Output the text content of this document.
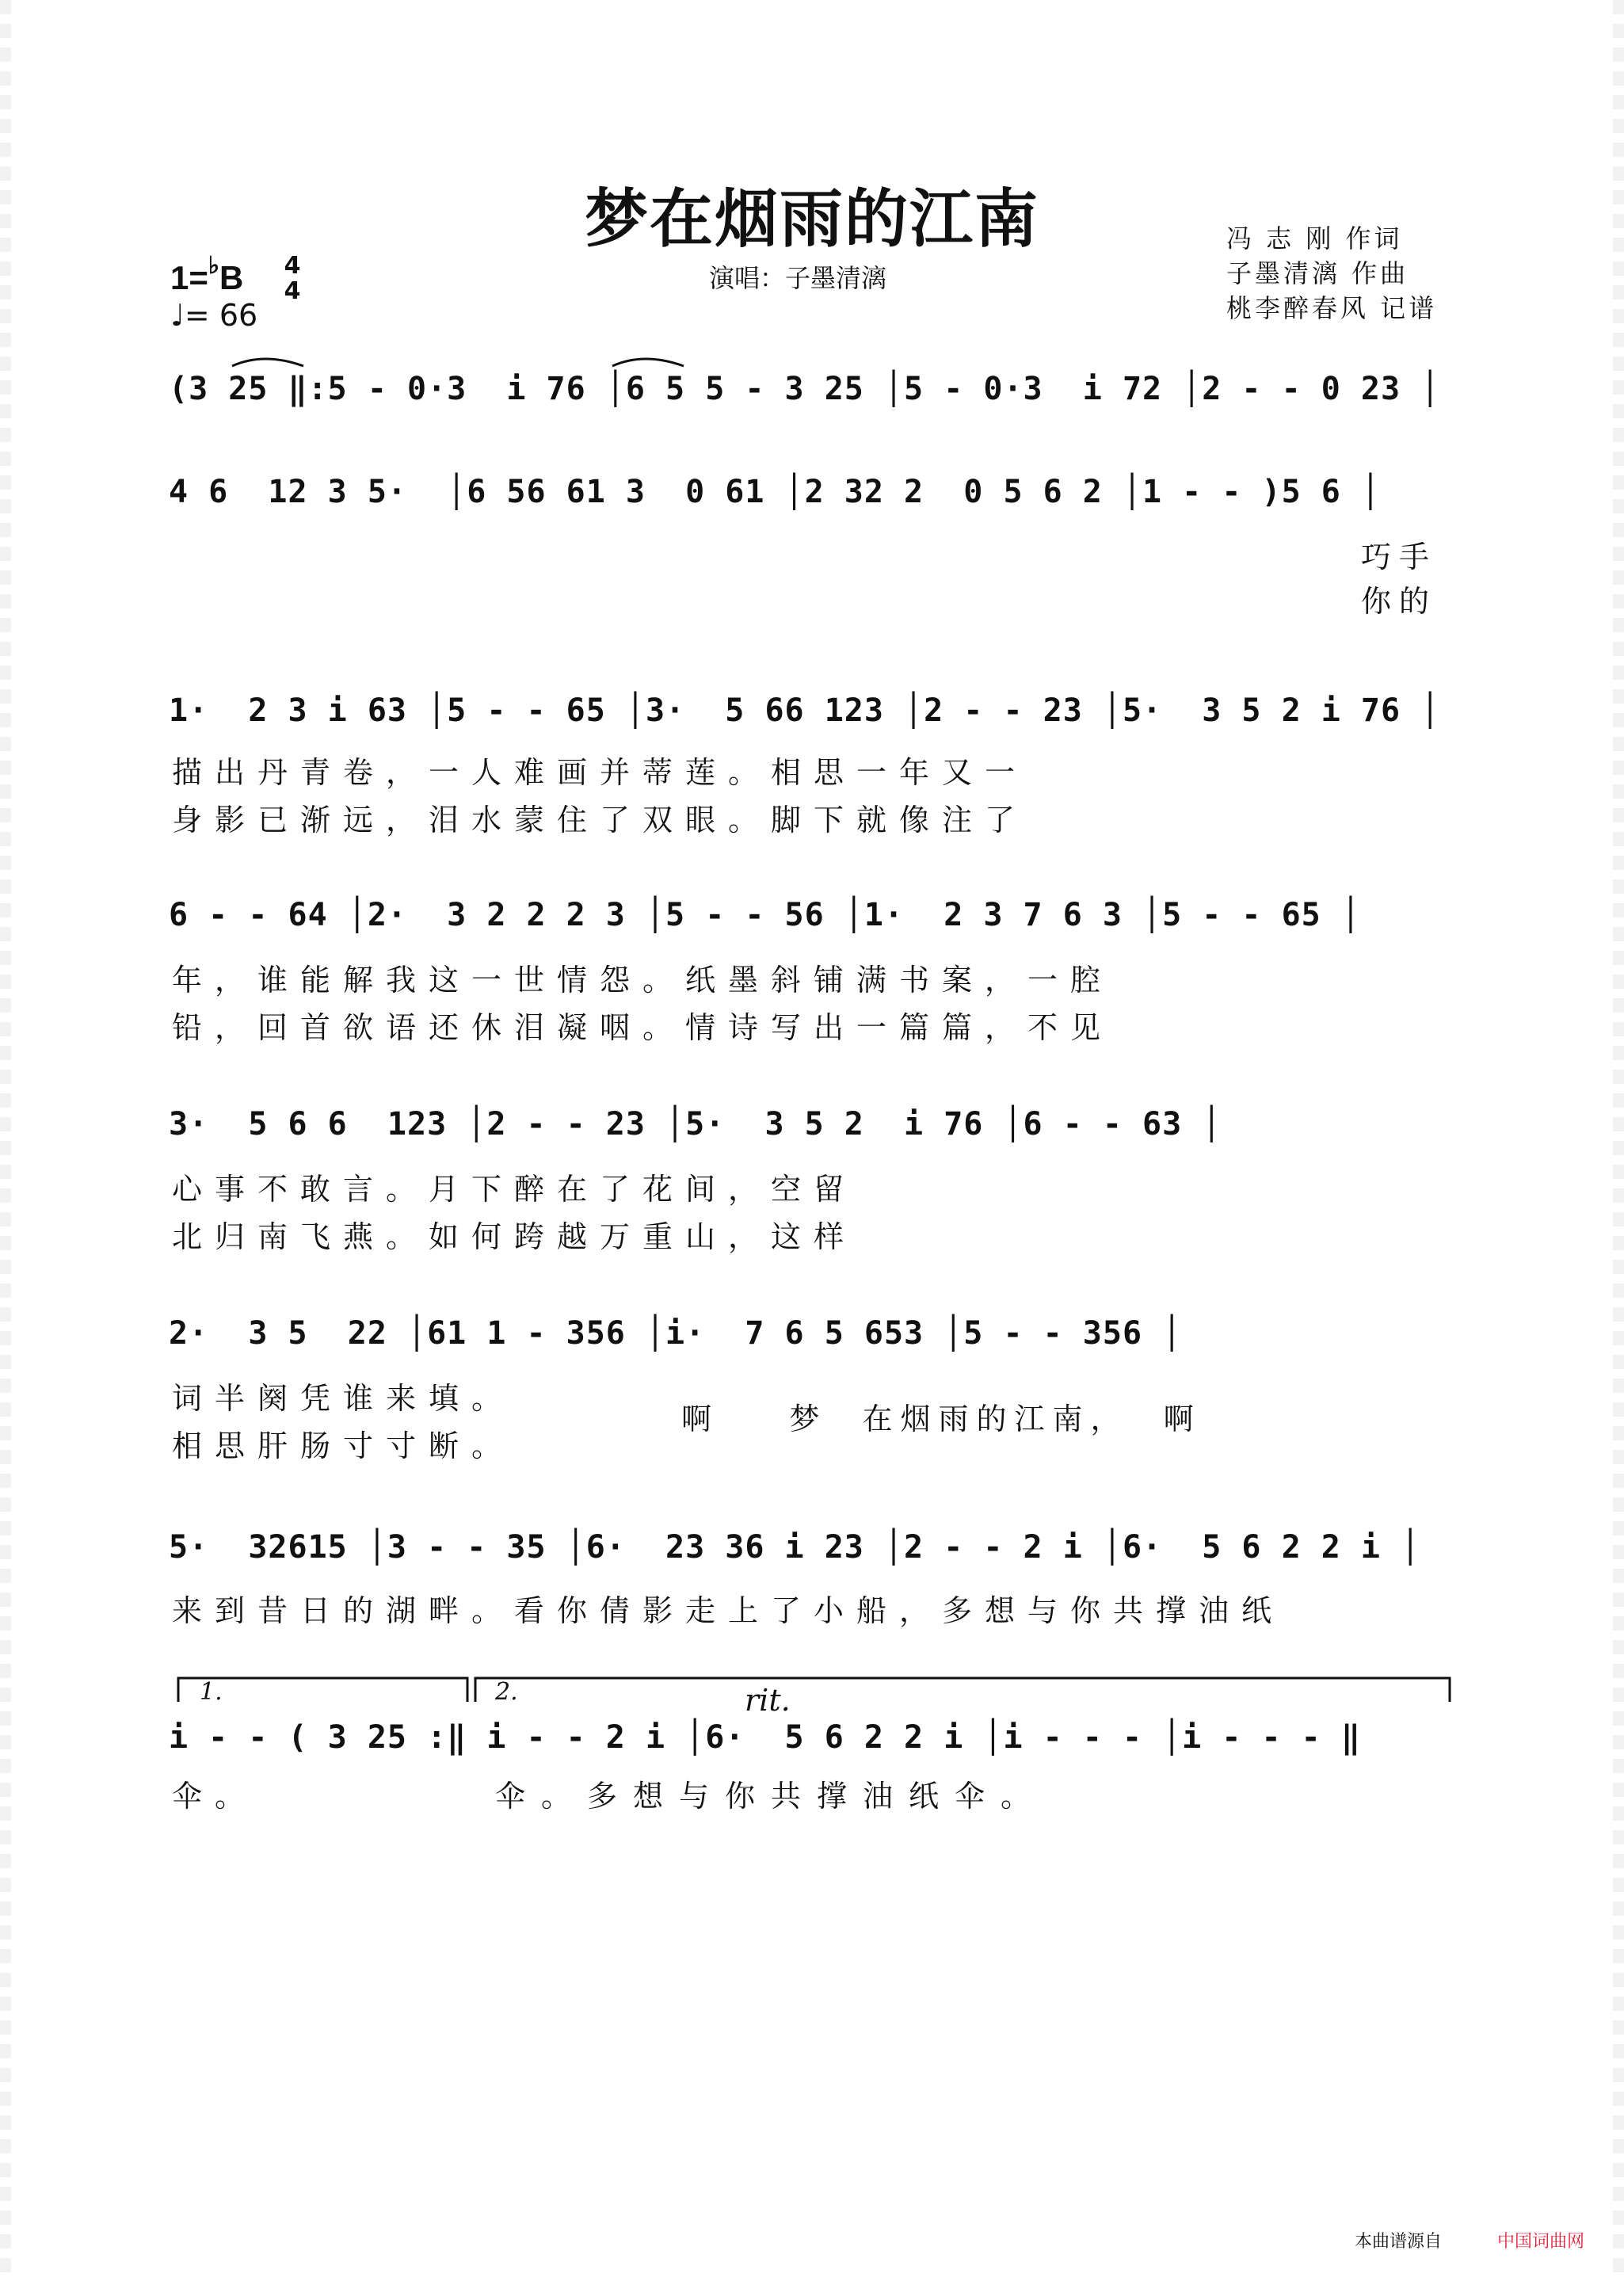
梦在烟雨的江南
1=♭B 4
4
♩= 66
演唱：子墨清漓
冯 志 刚 作词
子墨清漓 作曲
桃李醉春风 记谱
(3 25 ‖:5 - 0·3  i 76 │6 5 5 - 3 25 │5 - 0·3  i 72 │2 - - 0 23 │
4 6  12 3 5·  │6 56 61 3  0 61 │2 32 2  0 5 6 2 │1 - - )5 6 │
巧手
你的
1·  2 3 i 63 │5 - - 65 │3·  5 66 123 │2 - - 23 │5·  3 5 2 i 76 │
描出丹青卷，一人难画并蒂莲。相思一年又一
身影已渐远，泪水蒙住了双眼。脚下就像注了
6 - - 64 │2·  3 2 2 2 3 │5 - - 56 │1·  2 3 7 6 3 │5 - - 65 │
年，谁能解我这一世情怨。纸墨斜铺满书案，一腔
铅，回首欲语还休泪凝咽。情诗写出一篇篇，不见
3·  5 6 6  123 │2 - - 23 │5·  3 5 2  i 76 │6 - - 63 │
心事不敢言。月下醉在了花间，空留
北归南飞燕。如何跨越万重山，这样
2·  3 5  22 │61 1 - 356 │i·  7 6 5 653 │5 - - 356 │
词半阕凭谁来填。
相思肝肠寸寸断。
啊    梦  在烟雨的江南，  啊
5·  32615 │3 - - 35 │6·  23 36 i 23 │2 - - 2 i │6·  5 6 2 2 i │
来到昔日的湖畔。看你倩影走上了小船，多想与你共撑油纸
1.	2.	rit.
i - - ( 3 25 :‖ i - - 2 i │6·  5 6 2 2 i │i - - - │i - - - ‖
伞。	伞。多想与你共撑油纸伞。
本曲谱源自	中国词曲网
